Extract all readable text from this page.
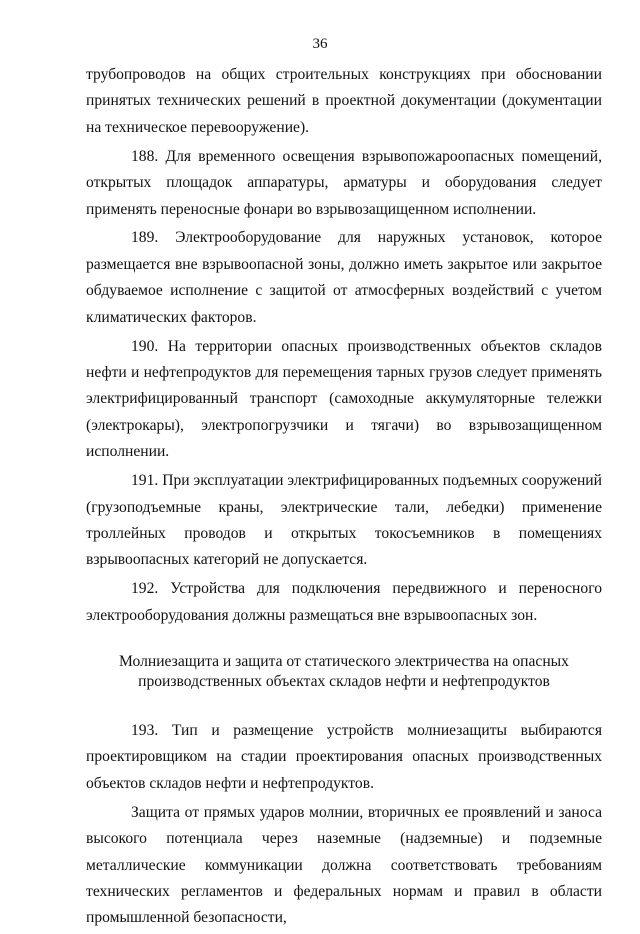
36

трубопроводов на общих строительных конструкциях при обосновании принятых технических решений в проектной документации (документации на техническое перевооружение).

188. Для временного освещения взрывопожароопасных помещений, открытых площадок аппаратуры, арматуры и оборудования следует применять переносные фонари во взрывозащищенном исполнении.

189. Электрооборудование для наружных установок, которое размещается вне взрывоопасной зоны, должно иметь закрытое или закрытое обдуваемое исполнение с защитой от атмосферных воздействий с учетом климатических факторов.

190. На территории опасных производственных объектов складов нефти и нефтепродуктов для перемещения тарных грузов следует применять электрифицированный транспорт (самоходные аккумуляторные тележки (электрокары), электропогрузчики и тягачи) во взрывозащищенном исполнении.

191. При эксплуатации электрифицированных подъемных сооружений (грузоподъемные краны, электрические тали, лебедки) применение троллейных проводов и открытых токосъемников в помещениях взрывоопасных категорий не допускается.

192. Устройства для подключения передвижного и переносного электрооборудования должны размещаться вне взрывоопасных зон.

Молниезащита и защита от статического электричества на опасных производственных объектах складов нефти и нефтепродуктов

193. Тип и размещение устройств молниезащиты выбираются проектировщиком на стадии проектирования опасных производственных объектов складов нефти и нефтепродуктов.

Защита от прямых ударов молнии, вторичных ее проявлений и заноса высокого потенциала через наземные (надземные) и подземные металлические коммуникации должна соответствовать требованиям технических регламентов и федеральных нормам и правил в области промышленной безопасности,
